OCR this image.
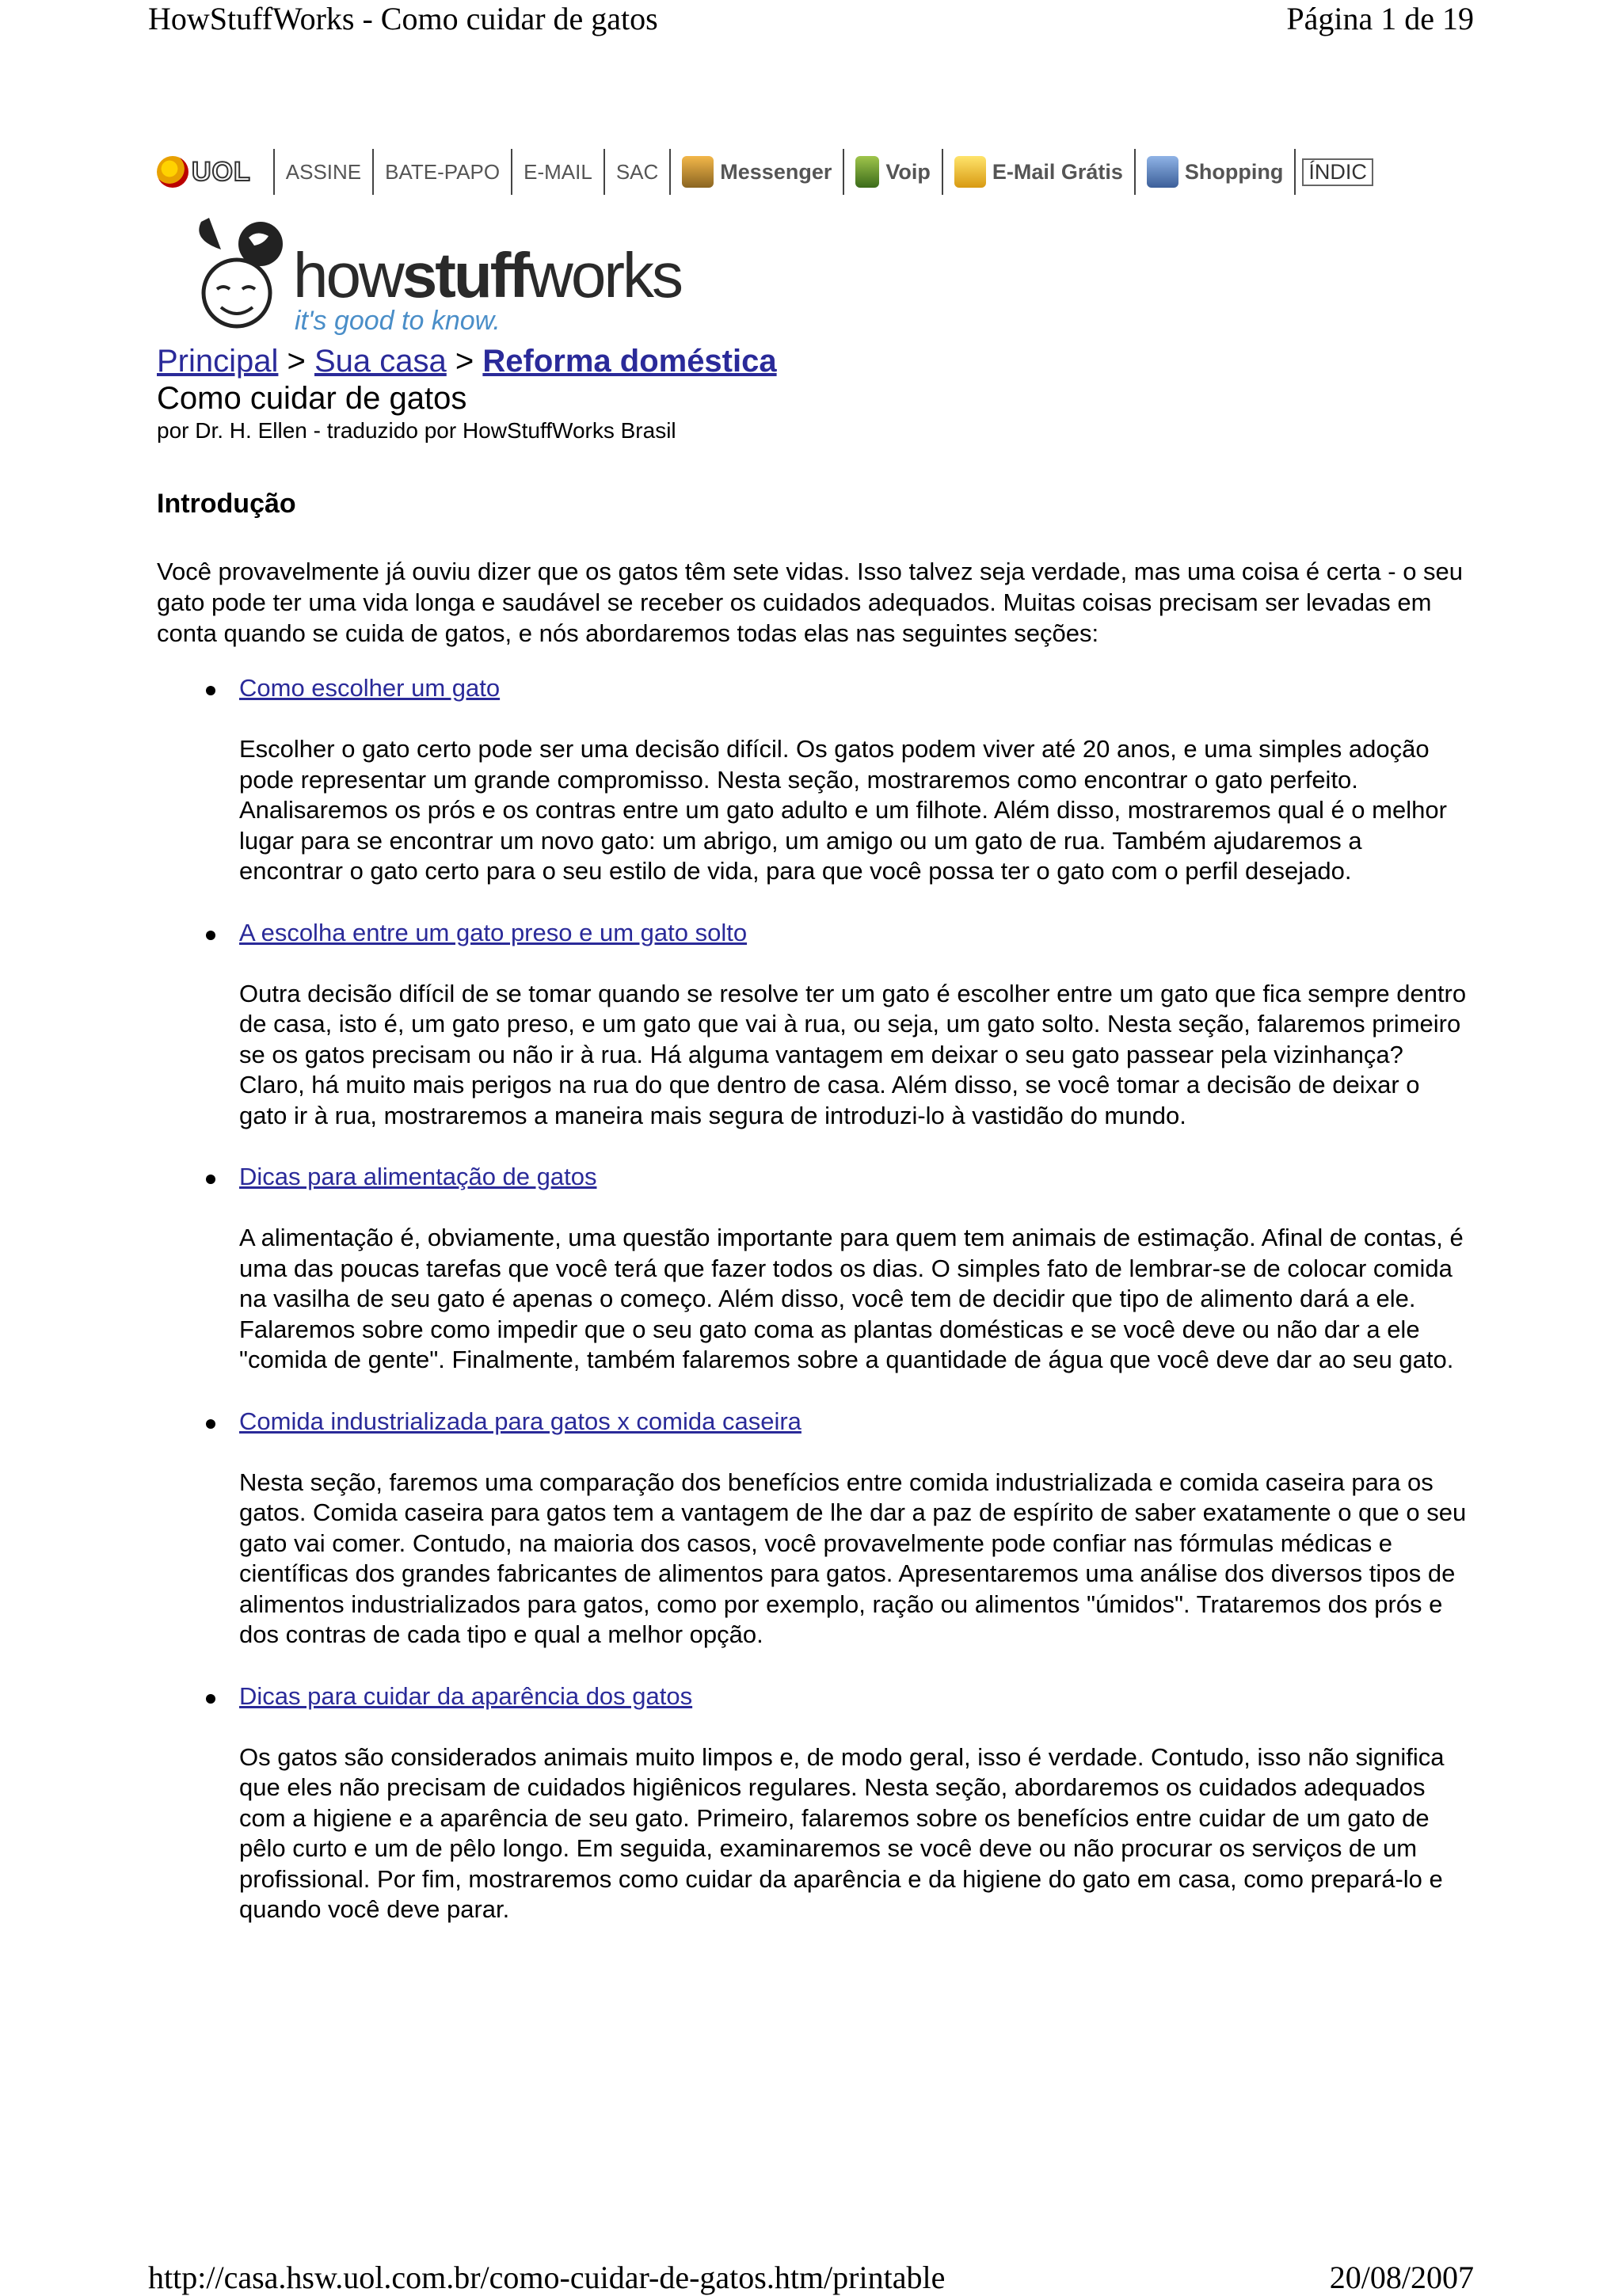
HowStuffWorks - Como cuidar de gatos	Página 1 de 19
UOL ASSINE BATE-PAPO E-MAIL SAC	Messenger	Voip	E-Mail Grátis	Shopping ÍNDIC
howstuffworks
it's good to know.
Principal > Sua casa > Reforma doméstica
Como cuidar de gatos
por Dr. H. Ellen - traduzido por HowStuffWorks Brasil
Introdução
Você provavelmente já ouviu dizer que os gatos têm sete vidas. Isso talvez seja verdade, mas uma coisa é certa - o seu gato pode ter uma vida longa e saudável se receber os cuidados adequados. Muitas coisas precisam ser levadas em conta quando se cuida de gatos, e nós abordaremos todas elas nas seguintes seções:
Como escolher um gato
Escolher o gato certo pode ser uma decisão difícil. Os gatos podem viver até 20 anos, e uma simples adoção pode representar um grande compromisso. Nesta seção, mostraremos como encontrar o gato perfeito. Analisaremos os prós e os contras entre um gato adulto e um filhote. Além disso, mostraremos qual é o melhor lugar para se encontrar um novo gato: um abrigo, um amigo ou um gato de rua. Também ajudaremos a encontrar o gato certo para o seu estilo de vida, para que você possa ter o gato com o perfil desejado.
A escolha entre um gato preso e um gato solto
Outra decisão difícil de se tomar quando se resolve ter um gato é escolher entre um gato que fica sempre dentro de casa, isto é, um gato preso, e um gato que vai à rua, ou seja, um gato solto. Nesta seção, falaremos primeiro se os gatos precisam ou não ir à rua. Há alguma vantagem em deixar o seu gato passear pela vizinhança? Claro, há muito mais perigos na rua do que dentro de casa. Além disso, se você tomar a decisão de deixar o gato ir à rua, mostraremos a maneira mais segura de introduzi-lo à vastidão do mundo.
Dicas para alimentação de gatos
A alimentação é, obviamente, uma questão importante para quem tem animais de estimação. Afinal de contas, é uma das poucas tarefas que você terá que fazer todos os dias. O simples fato de lembrar-se de colocar comida na vasilha de seu gato é apenas o começo. Além disso, você tem de decidir que tipo de alimento dará a ele. Falaremos sobre como impedir que o seu gato coma as plantas domésticas e se você deve ou não dar a ele "comida de gente". Finalmente, também falaremos sobre a quantidade de água que você deve dar ao seu gato.
Comida industrializada para gatos x comida caseira
Nesta seção, faremos uma comparação dos benefícios entre comida industrializada e comida caseira para os gatos. Comida caseira para gatos tem a vantagem de lhe dar a paz de espírito de saber exatamente o que o seu gato vai comer. Contudo, na maioria dos casos, você provavelmente pode confiar nas fórmulas médicas e científicas dos grandes fabricantes de alimentos para gatos. Apresentaremos uma análise dos diversos tipos de alimentos industrializados para gatos, como por exemplo, ração ou alimentos "úmidos". Trataremos dos prós e dos contras de cada tipo e qual a melhor opção.
Dicas para cuidar da aparência dos gatos
Os gatos são considerados animais muito limpos e, de modo geral, isso é verdade. Contudo, isso não significa que eles não precisam de cuidados higiênicos regulares. Nesta seção, abordaremos os cuidados adequados com a higiene e a aparência de seu gato. Primeiro, falaremos sobre os benefícios entre cuidar de um gato de pêlo curto e um de pêlo longo. Em seguida, examinaremos se você deve ou não procurar os serviços de um profissional. Por fim, mostraremos como cuidar da aparência e da higiene do gato em casa, como prepará-lo e quando você deve parar.
http://casa.hsw.uol.com.br/como-cuidar-de-gatos.htm/printable	20/08/2007
